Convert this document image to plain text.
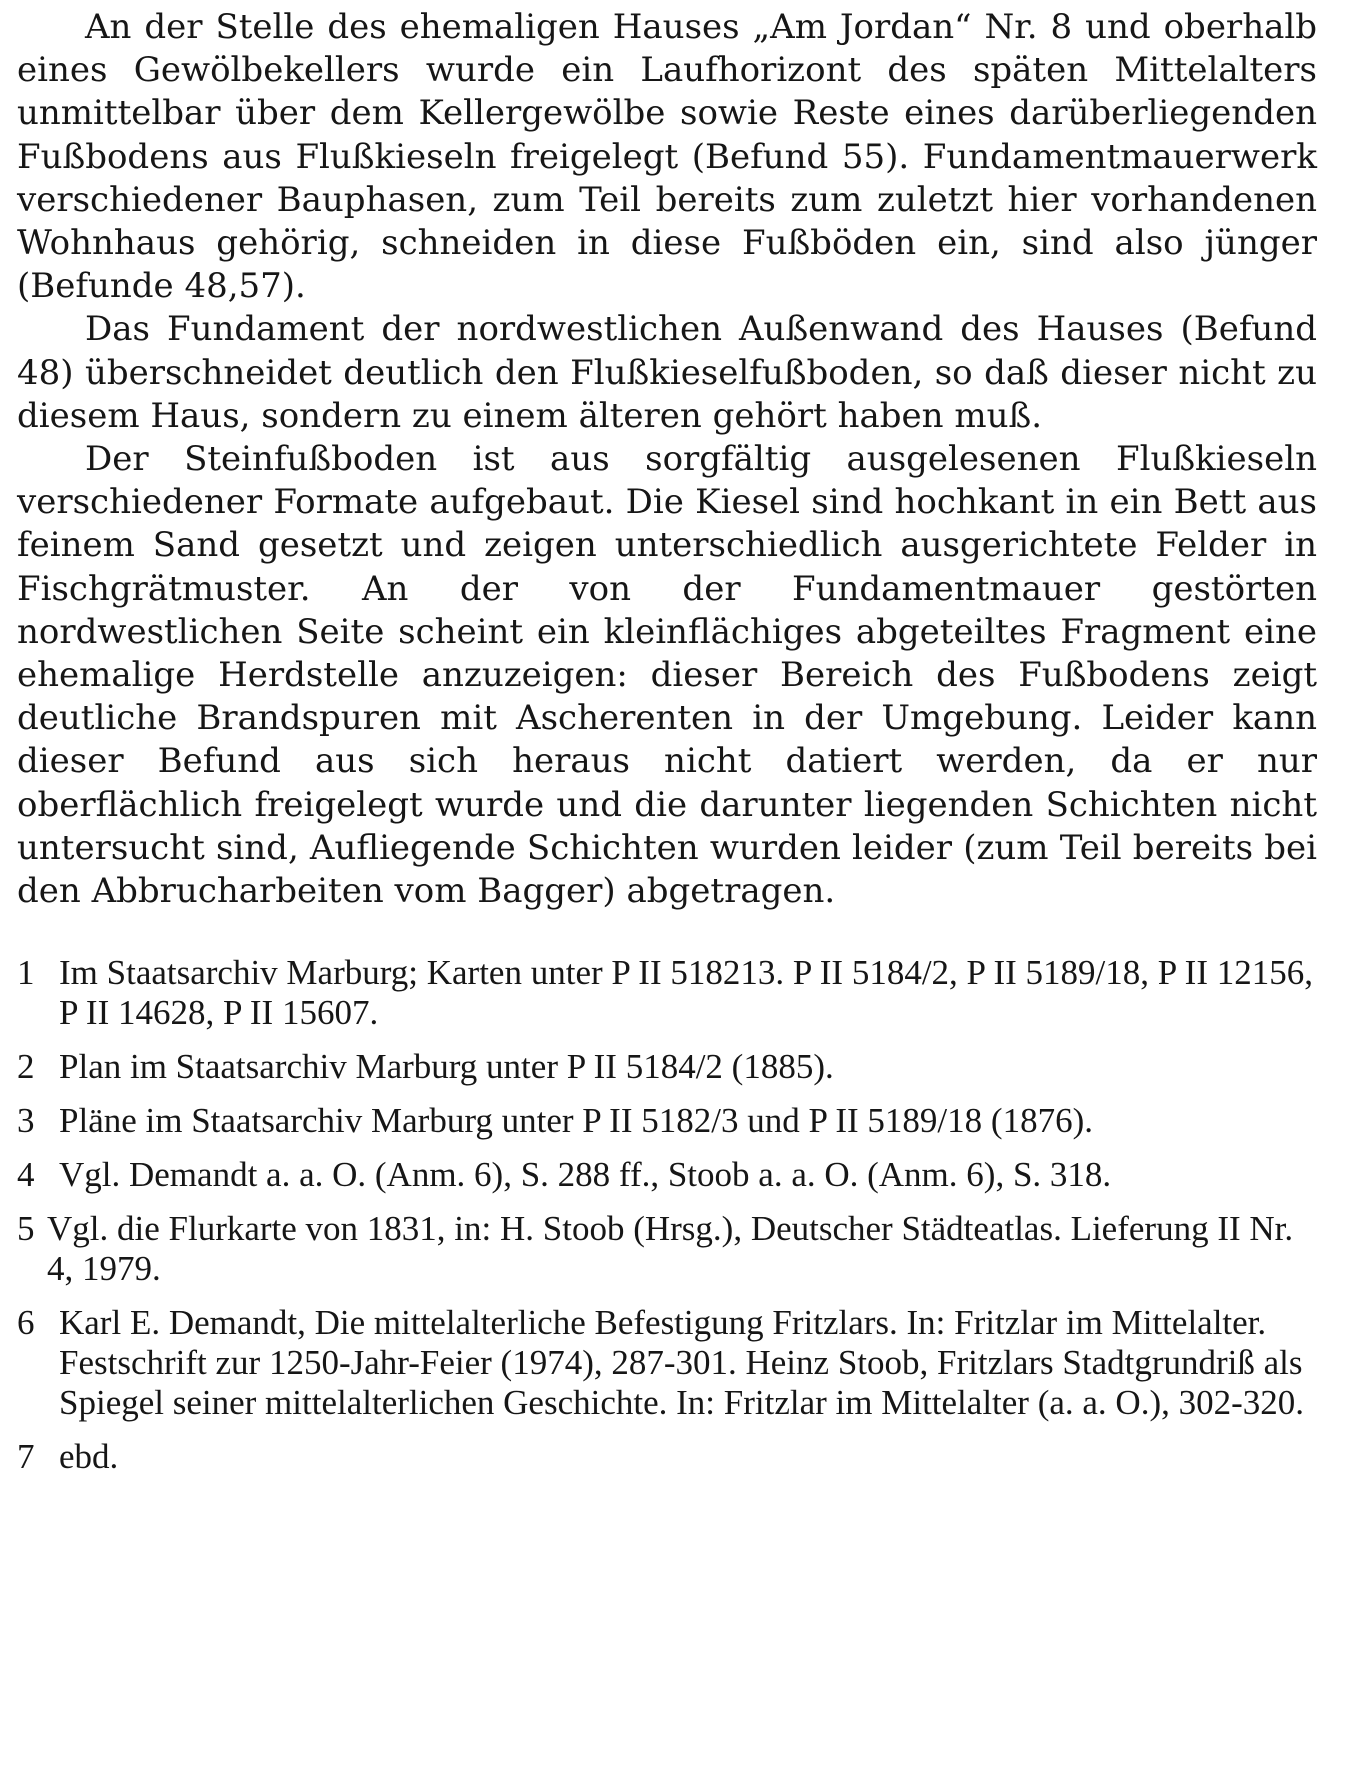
An der Stelle des ehemaligen Hauses „Am Jordan“ Nr. 8 und oberhalb eines Gewölbekellers wurde ein Laufhorizont des späten Mittelalters unmittelbar über dem Kellergewölbe sowie Reste eines darüberliegenden Fußbodens aus Flußkieseln freigelegt (Befund 55). Fundamentmauerwerk verschiedener Bauphasen, zum Teil bereits zum zuletzt hier vorhandenen Wohnhaus gehörig, schneiden in diese Fußböden ein, sind also jünger (Befunde 48,57).

Das Fundament der nordwestlichen Außenwand des Hauses (Befund 48) überschneidet deutlich den Flußkieselfußboden, so daß dieser nicht zu diesem Haus, sondern zu einem älteren gehört haben muß.

Der Steinfußboden ist aus sorgfältig ausgelesenen Flußkieseln verschiedener Formate aufgebaut. Die Kiesel sind hochkant in ein Bett aus feinem Sand gesetzt und zeigen unterschiedlich ausgerichtete Felder in Fischgrätmuster. An der von der Fundamentmauer gestörten nordwestlichen Seite scheint ein kleinflächiges abgeteiltes Fragment eine ehemalige Herdstelle anzuzeigen: dieser Bereich des Fußbodens zeigt deutliche Brandspuren mit Ascherenten in der Umgebung. Leider kann dieser Befund aus sich heraus nicht datiert werden, da er nur oberflächlich freigelegt wurde und die darunter liegenden Schichten nicht untersucht sind, Aufliegende Schichten wurden leider (zum Teil bereits bei den Abbrucharbeiten vom Bagger) abgetragen.

1 Im Staatsarchiv Marburg; Karten unter P II 518213. P II 5184/2, P II 5189/18, P II 12156, P II 14628, P II 15607.
2 Plan im Staatsarchiv Marburg unter P II 5184/2 (1885).
3 Pläne im Staatsarchiv Marburg unter P II 5182/3 und P II 5189/18 (1876).
4 Vgl. Demandt a. a. O. (Anm. 6), S. 288 ff., Stoob a. a. O. (Anm. 6), S. 318.
5 Vgl. die Flurkarte von 1831, in: H. Stoob (Hrsg.), Deutscher Städteatlas. Lieferung II Nr. 4, 1979.
6 Karl E. Demandt, Die mittelalterliche Befestigung Fritzlars. In: Fritzlar im Mittelalter. Festschrift zur 1250-Jahr-Feier (1974), 287-301. Heinz Stoob, Fritzlars Stadtgrundriß als Spiegel seiner mittelalterlichen Geschichte. In: Fritzlar im Mittelalter (a. a. O.), 302-320.
7 ebd.
